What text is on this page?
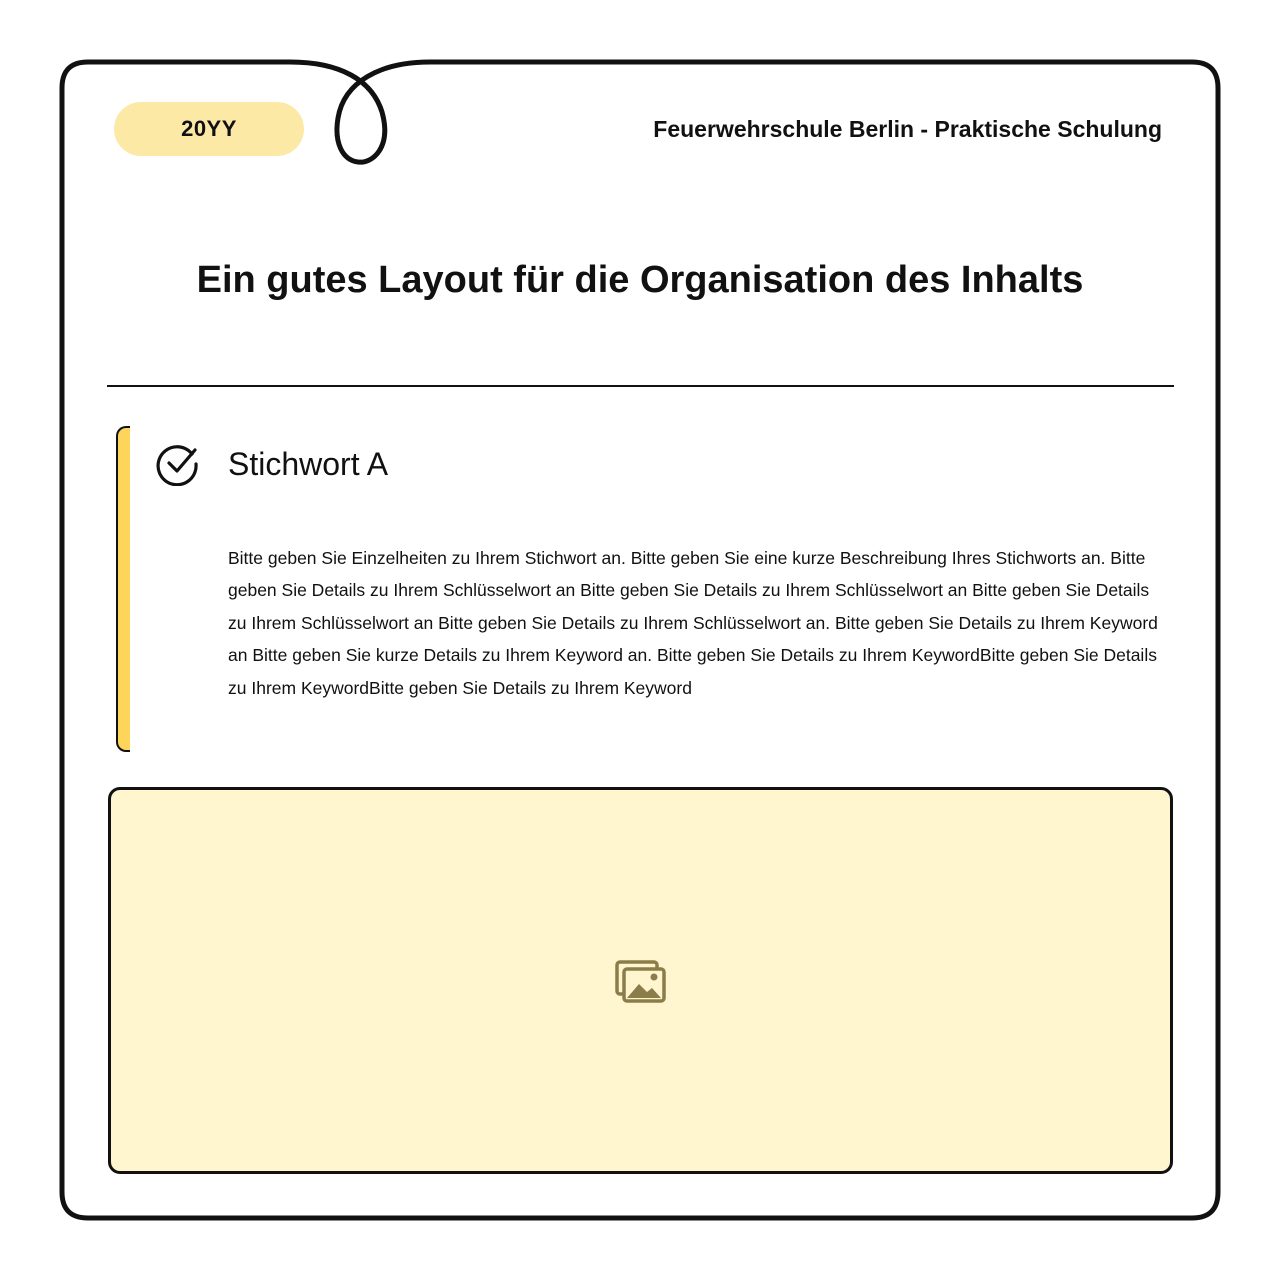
20YY	Feuerwehrschule Berlin - Praktische Schulung
Ein gutes Layout für die Organisation des Inhalts
Stichwort A

Bitte geben Sie Einzelheiten zu Ihrem Stichwort an. Bitte geben Sie eine kurze Beschreibung Ihres Stichworts an. Bitte geben Sie Details zu Ihrem Schlüsselwort an Bitte geben Sie Details zu Ihrem Schlüsselwort an Bitte geben Sie Details zu Ihrem Schlüsselwort an Bitte geben Sie Details zu Ihrem Schlüsselwort an. Bitte geben Sie Details zu Ihrem Keyword an Bitte geben Sie kurze Details zu Ihrem Keyword an. Bitte geben Sie Details zu Ihrem KeywordBitte geben Sie Details zu Ihrem KeywordBitte geben Sie Details zu Ihrem Keyword
